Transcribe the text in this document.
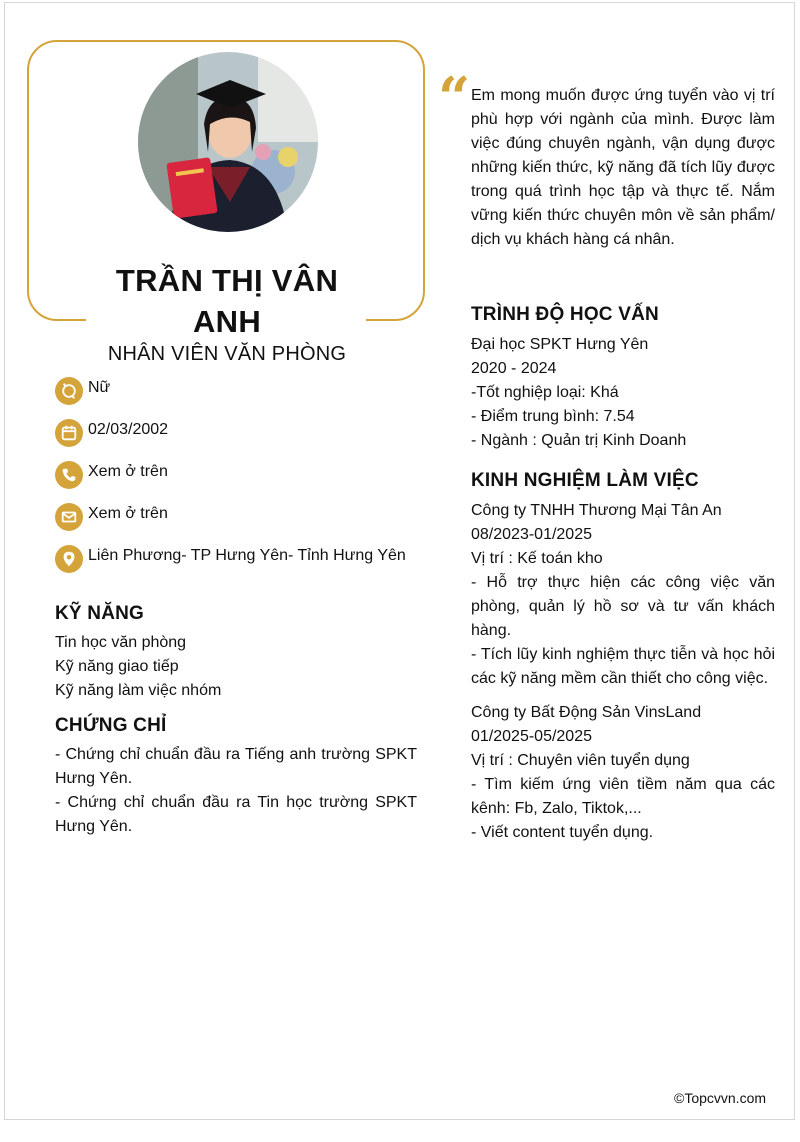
TRẦN THỊ VÂN
ANH
NHÂN VIÊN VĂN PHÒNG
Nữ
02/03/2002
Xem ở trên
Xem ở trên
Liên Phương- TP Hưng Yên- Tỉnh Hưng Yên
KỸ NĂNG
Tin học văn phòng
Kỹ năng giao tiếp
Kỹ năng làm việc nhóm
CHỨNG CHỈ
- Chứng chỉ chuẩn đầu ra Tiếng anh trường SPKT Hưng Yên.
- Chứng chỉ chuẩn đầu ra Tin học trường SPKT Hưng Yên.
“ Em mong muốn được ứng tuyển vào vị trí phù hợp với ngành của mình. Được làm việc đúng chuyên ngành, vận dụng được những kiến thức, kỹ năng đã tích lũy được trong quá trình học tập và thực tế. Nắm vững kiến thức chuyên môn về sản phẩm/ dịch vụ khách hàng cá nhân.
TRÌNH ĐỘ HỌC VẤN
Đại học SPKT Hưng Yên
2020 - 2024
-Tốt nghiệp loại: Khá
- Điểm trung bình: 7.54
- Ngành : Quản trị Kinh Doanh
KINH NGHIỆM LÀM VIỆC
Công ty TNHH Thương Mại Tân An
08/2023-01/2025
Vị trí : Kế toán kho
- Hỗ trợ thực hiện các công việc văn phòng, quản lý hồ sơ và tư vấn khách hàng.
- Tích lũy kinh nghiệm thực tiễn và học hỏi các kỹ năng mềm cần thiết cho công việc.
Công ty Bất Động Sản VinsLand
01/2025-05/2025
Vị trí : Chuyên viên tuyển dụng
- Tìm kiếm ứng viên tiềm năm qua các kênh: Fb, Zalo, Tiktok,...
- Viết content tuyển dụng.
©Topcvvn.com
